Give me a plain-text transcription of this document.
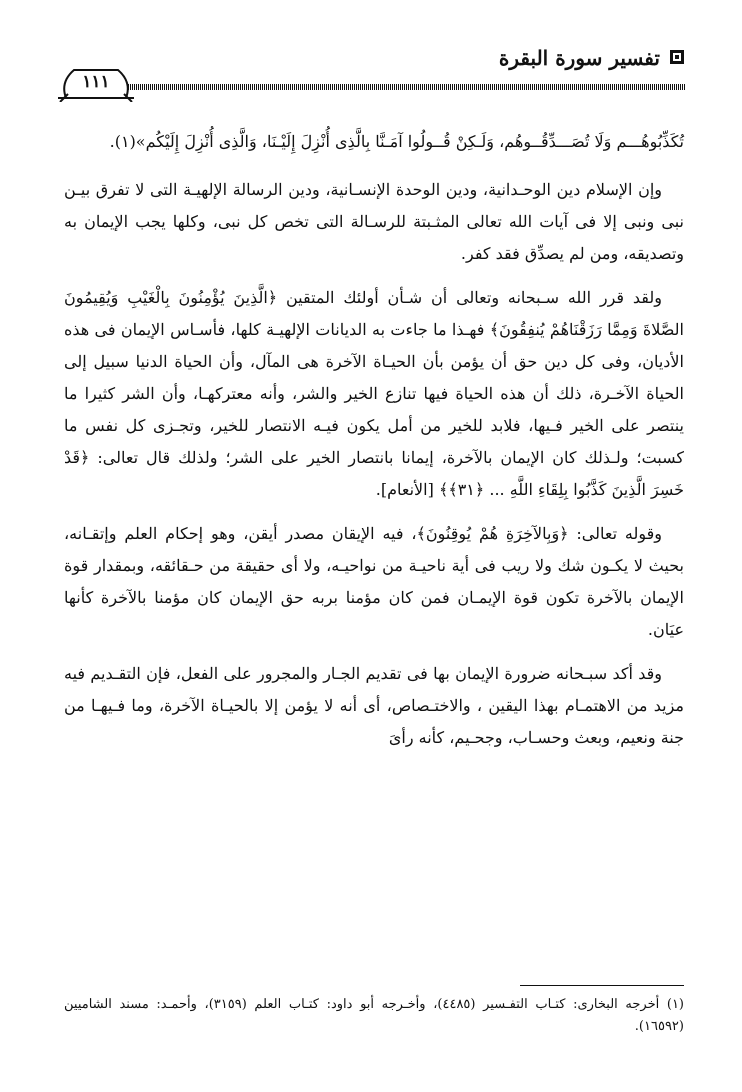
تفسير سورة البقرة
١١١

تُكَذِّبُوهُـــم وَلَا تُصَـــدِّقُــوهُم، وَلَـكِنْ قُــولُوا آمَـنَّا بِالَّذِى أُنْزِلَ إِلَيْـنَا، وَالَّذِى أُنْزِلَ إِلَيْكُم»(١).

وإن الإسلام دين الوحـدانية، ودين الوحدة الإنسـانية، ودين الرسالة الإلهيـة التى لا تفرق بيـن نبى ونبى إلا فى آيات الله تعالى المثـبتة للرسـالة التى تخص كل نبى، وكلها يجب الإيمان به وتصديقه، ومن لم يصدِّق فقد كفر.

ولقد قرر الله سـبحانه وتعالى أن شـأن أولئك المتقين ﴿الَّذِينَ يُؤْمِنُونَ بِالْغَيْبِ وَيُقِيمُونَ الصَّلاةَ وَمِمَّا رَزَقْنَاهُمْ يُنفِقُونَ﴾ فهـذا ما جاءت به الديانات الإلهيـة كلها، فأسـاس الإيمان فى هذه الأديان، وفى كل دين حق أن يؤمن بأن الحيـاة الآخرة هى المآل، وأن الحياة الدنيا سبيل إلى الحياة الآخـرة، ذلك أن هذه الحياة فيها تنازع الخير والشر، وأنه معتركهـا، وأن الشر كثيرا ما ينتصر على الخير فـيها، فلابد للخير من أمل يكون فيـه الانتصار للخير، وتجـزى كل نفس ما كسبت؛ ولـذلك كان الإيمان بالآخرة، إيمانا بانتصار الخير على الشر؛ ولذلك قال تعالى: ﴿قَدْ خَسِرَ الَّذِينَ كَذَّبُوا بِلِقَاءِ اللَّهِ ... ﴿٣١﴾﴾ [الأنعام].

وقوله تعالى: ﴿وَبِالآخِرَةِ هُمْ يُوقِنُونَ﴾، فيه الإيقان مصدر أيقن، وهو إحكام العلم وإتقـانه، بحيث لا يكـون شك ولا ريب فى أية ناحيـة من نواحيـه، ولا أى حقيقة من حـقائقه، وبمقدار قوة الإيمان بالآخرة تكون قوة الإيمـان فمن كان مؤمنا بربه حق الإيمان كان مؤمنا بالآخرة كأنها عيَان.

وقد أكد سبـحانه ضرورة الإيمان بها فى تقديم الجـار والمجرور على الفعل، فإن التقـديم فيه مزيد من الاهتمـام بهذا اليقين ، والاختـصاص، أى أنه لا يؤمن إلا بالحيـاة الآخرة، وما فـيهـا من جنة ونعيم، وبعث وحسـاب، وجحـيم، كأنه رأىَ

(١) أخرجه البخارى: كتـاب التفـسير (٤٤٨٥)، وأخـرجه أبو داود: كتـاب العلم (٣١٥٩)، وأحمـد: مسند الشاميين (١٦٥٩٢).
